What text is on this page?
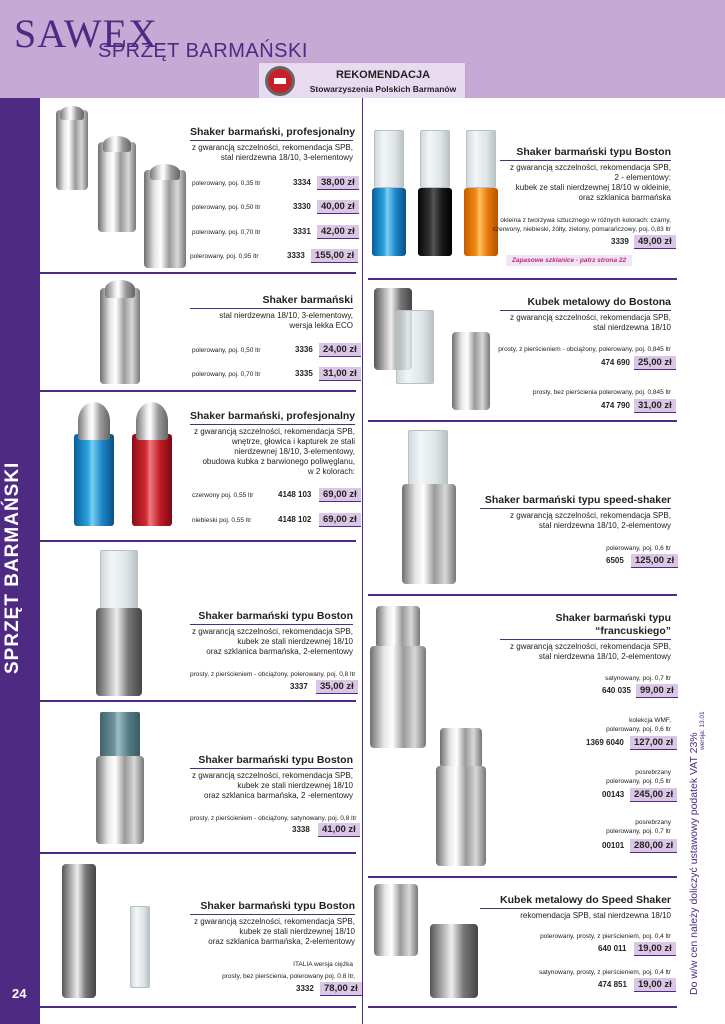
SAWEX
SPRZĘT BARMAŃSKI
REKOMENDACJA
Stowarzyszenia Polskich Barmanów
24	Do w/w cen należy doliczyć ustawowy podatek VAT 23%
wersja: 13.01
Shaker barmański, profesjonalny
z gwarancją szczelności, rekomendacja SPB,
stal nierdzewna 18/10, 3-elementowy
polerowany, poj. 0,35 ltr	3334	38,00 zł
polerowany, poj. 0,50 ltr	3330	40,00 zł
polerowany, poj. 0,70 ltr	3331	42,00 zł
polerowany, poj. 0,95 ltr	3333	155,00 zł
Shaker barmański
stal nierdzewna 18/10, 3-elementowy,
wersja lekka ECO
polerowany, poj. 0,50 ltr	3336	24,00 zł
polerowany, poj. 0,70 ltr	3335	31,00 zł
Shaker barmański, profesjonalny
z gwarancją szczelności, rekomendacja SPB,
wnętrze, głowica i kapturek ze stali
nierdzewnej 18/10, 3-elementowy,
obudowa kubka z barwionego poliwęglanu,
w 2 kolorach:
czerwony poj. 0,55 ltr	4148 103	69,00 zł
niebieski poj. 0,55 ltr	4148 102	69,00 zł
Shaker barmański typu Boston
z gwarancją szczelności, rekomendacja SPB,
kubek ze stali nierdzewnej 18/10
oraz szklanica barmańska, 2-elementowy
prosty, z pierścieniem - obciążony, polerowany, poj. 0,8 ltr
3337	35,00 zł
Shaker barmański typu Boston
z gwarancją szczelności, rekomendacja SPB,
kubek ze stali nierdzewnej 18/10
oraz szklanica barmańska, 2 -elementowy
prosty, z pierścieniem - obciążony, satynowany, poj. 0,8 ltr
3338	41,00 zł
Shaker barmański typu Boston
z gwarancją szczelności, rekomendacja SPB,
kubek ze stali nierdzewnej 18/10
oraz szklanica barmańska, 2-elementowy
ITALIA wersja ciężka
prosty, bez pierścienia, polerowany poj. 0.8 ltr,
3332	78,00 zł
Shaker barmański typu Boston
z gwarancją szczelności, rekomendacja SPB,
2 - elementowy:
kubek ze stali nierdzewnej 18/10 w okleinie,
oraz szklanica barmańska
okleina z tworzywa sztucznego w różnych kolorach: czarny,
czerwony, niebieski, żółty, zielony, pomarańczowy, poj. 0,83 ltr
3339 49,00 zł
Zapasowe szklanice - patrz strona 22
Kubek metalowy do Bostona
z gwarancją szczelności, rekomendacja SPB,
stal nierdzewna 18/10
prosty, z pierścieniem - obciążony, polerowany, poj. 0,845 ltr
474 690 25,00 zł
prosty, bez pierścienia polerowany, poj. 0,845 ltr
474 790 31,00 zł
Shaker barmański typu speed-shaker
z gwarancją szczelności, rekomendacja SPB,
stal nierdzewna 18/10, 2-elementowy
polerowany, poj. 0,6 ltr
6505	125,00 zł
Shaker barmański typu
“francuskiego”
z gwarancją szczelności, rekomendacja SPB,
stal nierdzewna 18/10, 2-elementowy
satynowany, poj. 0,7 ltr
640 035 99,00 zł
kolekcja WMF,
polerowany, poj. 0,6 ltr
1369 6040	127,00 zł
posrebrzany
polerowany, poj. 0,5 ltr
00143	245,00 zł
posrebrzany
polerowany, poj. 0,7 ltr
00101	280,00 zł
Kubek metalowy do Speed Shaker
rekomendacja SPB, stal nierdzewna 18/10
polerowany, prosty, z pierścieniem, poj. 0,4 ltr
640 011	19,00 zł
satynowany, prosty, z pierścieniem, poj. 0,4 ltr
474 851	19,00 zł
